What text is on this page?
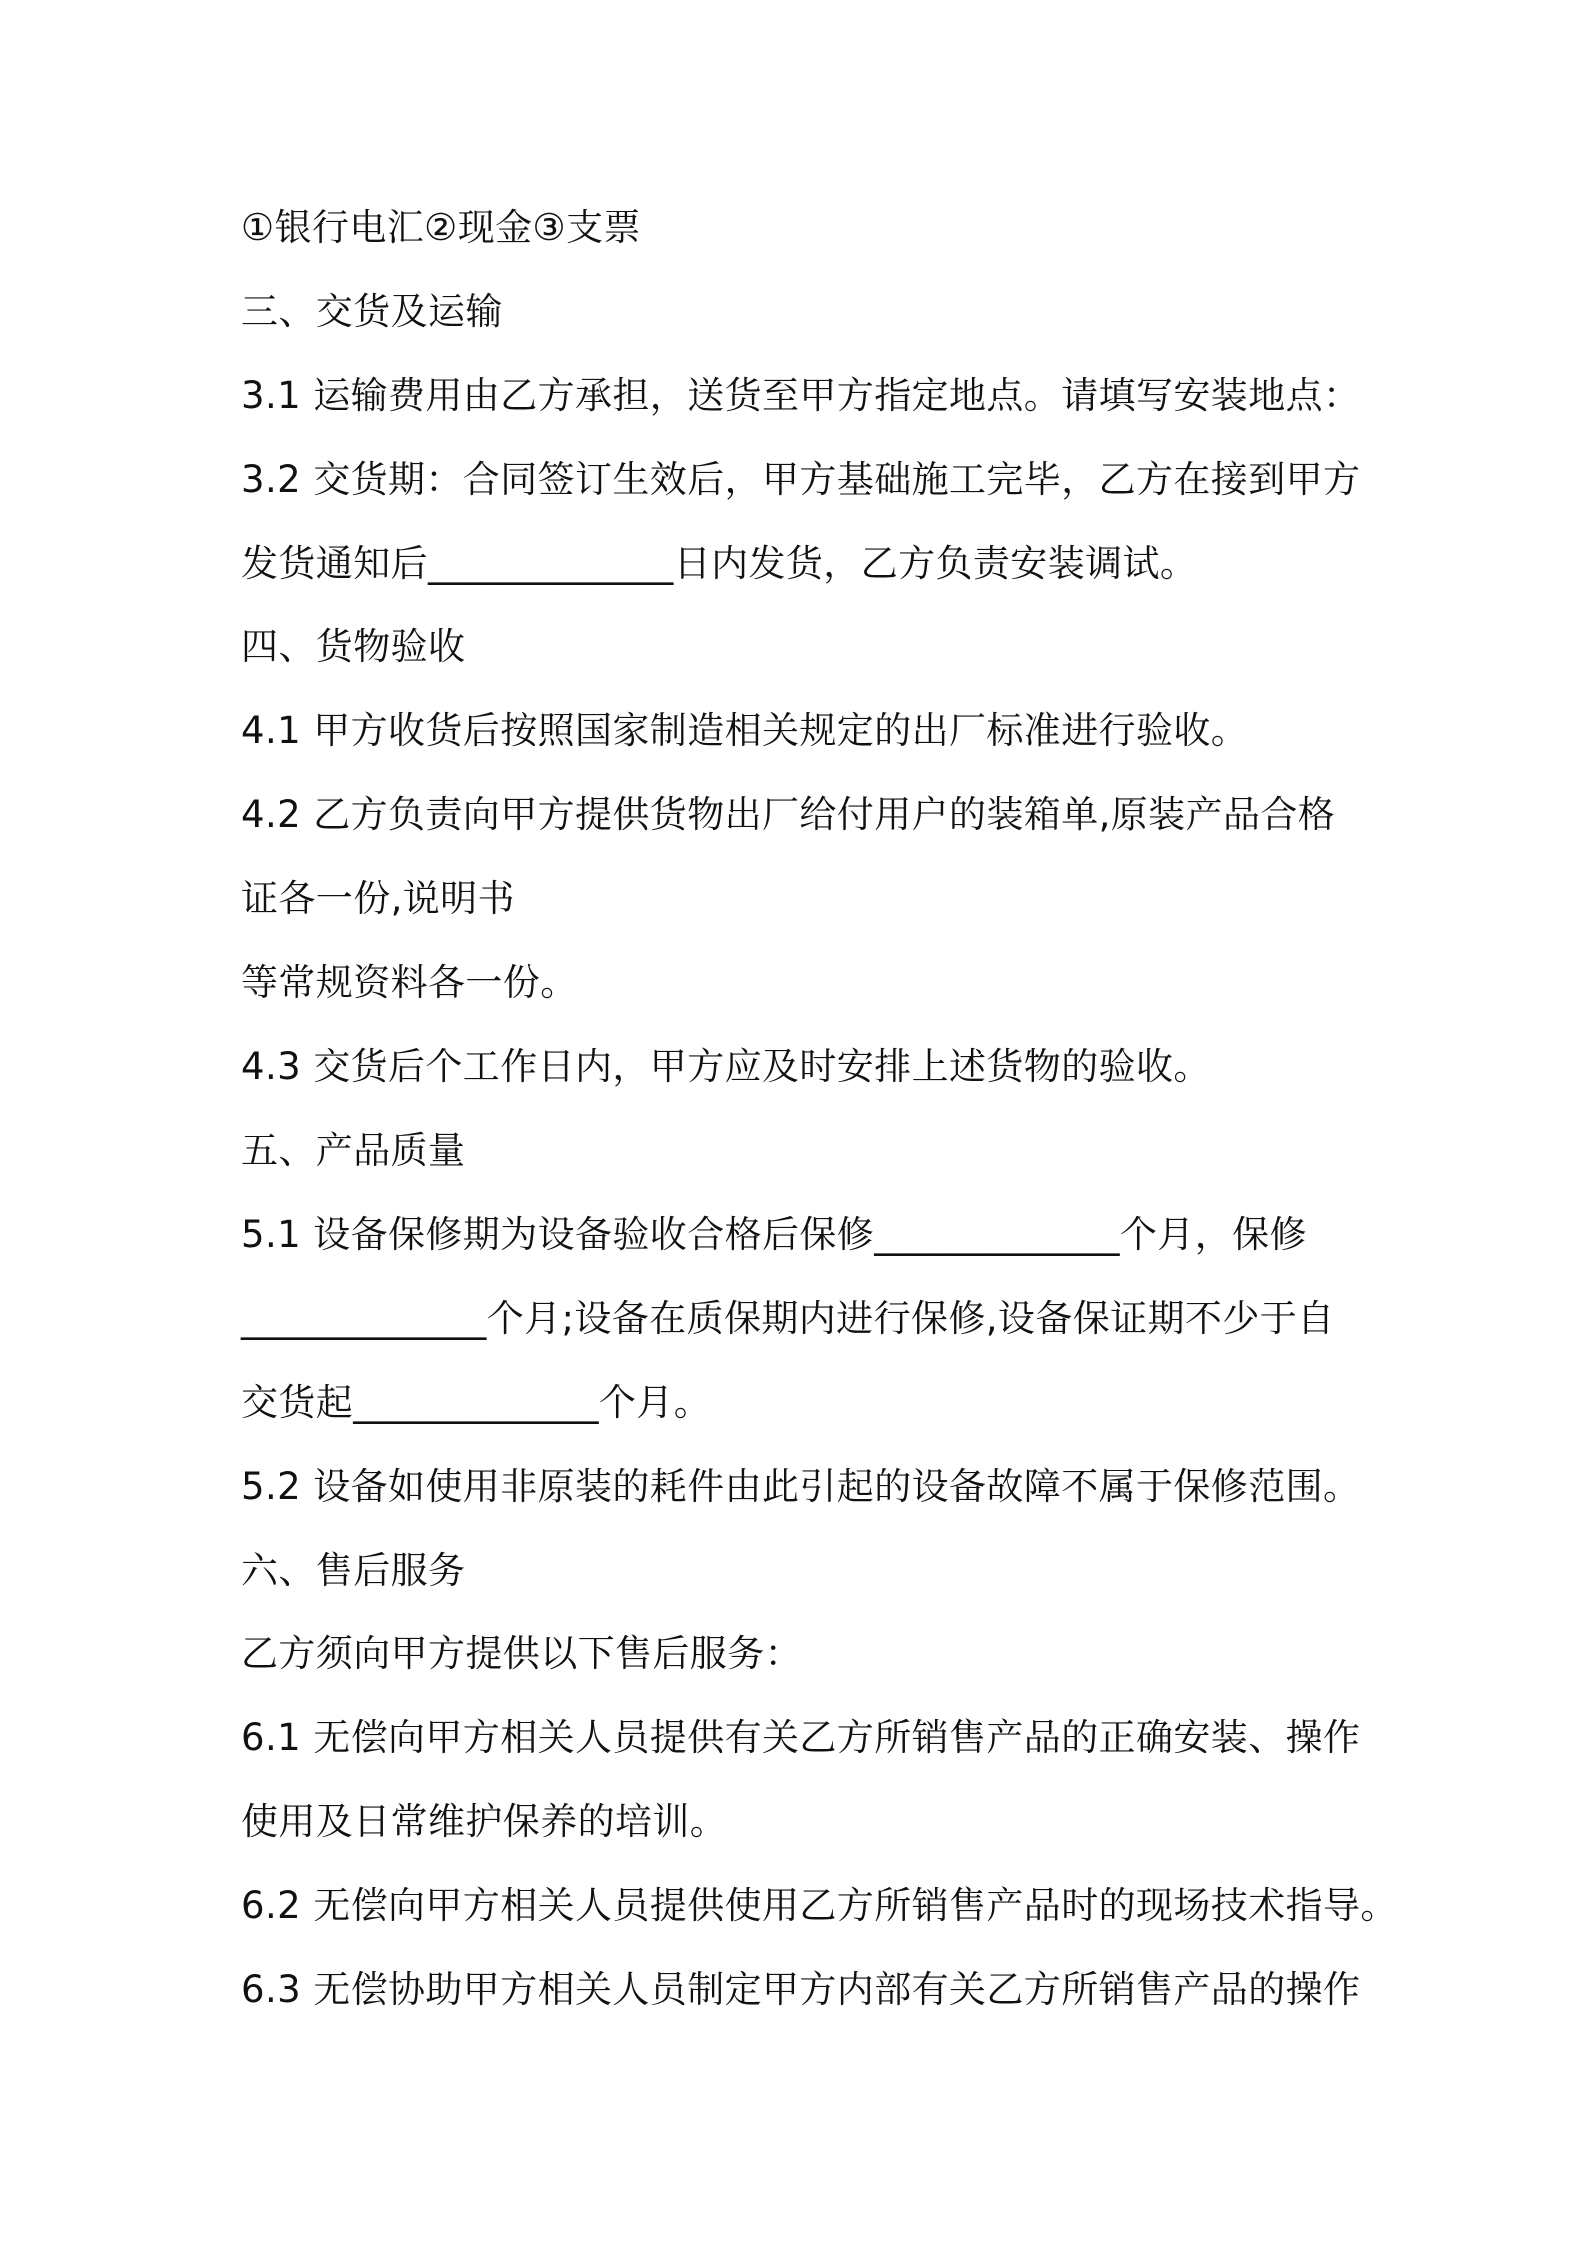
①银行电汇②现金③支票
三、交货及运输
3.1 运输费用由乙方承担，送货至甲方指定地点。请填写安装地点：
3.2 交货期：合同签订生效后，甲方基础施工完毕，乙方在接到甲方
发货通知后_____________日内发货，乙方负责安装调试。
四、货物验收
4.1 甲方收货后按照国家制造相关规定的出厂标准进行验收。
4.2 乙方负责向甲方提供货物出厂给付用户的装箱单,原装产品合格
证各一份,说明书
等常规资料各一份。
4.3 交货后个工作日内，甲方应及时安排上述货物的验收。
五、产品质量
5.1 设备保修期为设备验收合格后保修_____________个月，保修
_____________个月;设备在质保期内进行保修,设备保证期不少于自
交货起_____________个月。
5.2 设备如使用非原装的耗件由此引起的设备故障不属于保修范围。
六、售后服务
乙方须向甲方提供以下售后服务：
6.1 无偿向甲方相关人员提供有关乙方所销售产品的正确安装、操作
使用及日常维护保养的培训。
6.2 无偿向甲方相关人员提供使用乙方所销售产品时的现场技术指导。
6.3 无偿协助甲方相关人员制定甲方内部有关乙方所销售产品的操作
